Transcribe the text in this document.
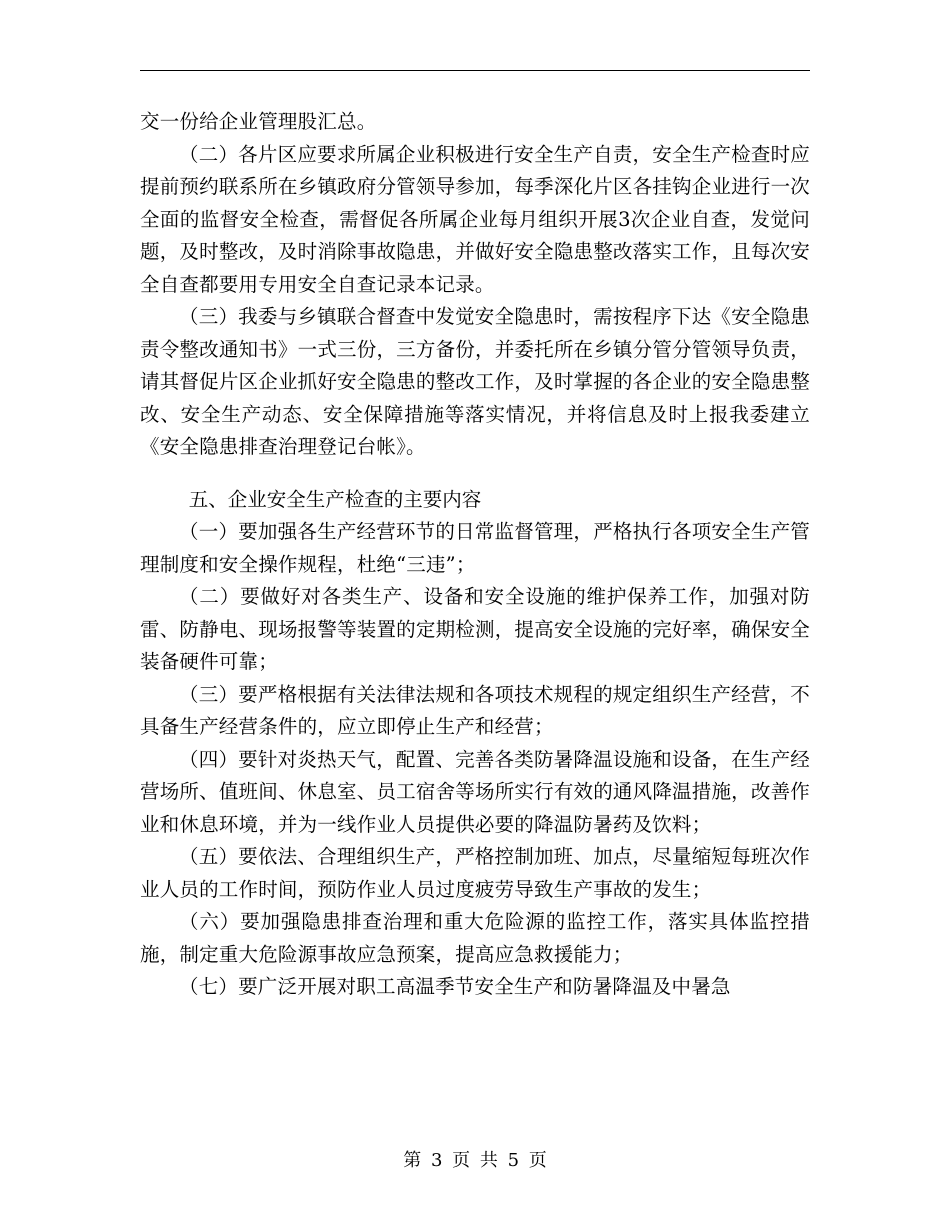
交一份给企业管理股汇总。

（二）各片区应要求所属企业积极进行安全生产自责，安全生产检查时应提前预约联系所在乡镇政府分管领导参加，每季深化片区各挂钩企业进行一次全面的监督安全检查，需督促各所属企业每月组织开展3次企业自查，发觉问题，及时整改，及时消除事故隐患，并做好安全隐患整改落实工作，且每次安全自查都要用专用安全自查记录本记录。

（三）我委与乡镇联合督查中发觉安全隐患时，需按程序下达《安全隐患责令整改通知书》一式三份，三方备份，并委托所在乡镇分管分管领导负责，请其督促片区企业抓好安全隐患的整改工作，及时掌握的各企业的安全隐患整改、安全生产动态、安全保障措施等落实情况，并将信息及时上报我委建立《安全隐患排查治理登记台帐》。

五、企业安全生产检查的主要内容

（一）要加强各生产经营环节的日常监督管理，严格执行各项安全生产管理制度和安全操作规程，杜绝“三违”；

（二）要做好对各类生产、设备和安全设施的维护保养工作，加强对防雷、防静电、现场报警等装置的定期检测，提高安全设施的完好率，确保安全装备硬件可靠；

（三）要严格根据有关法律法规和各项技术规程的规定组织生产经营，不具备生产经营条件的，应立即停止生产和经营；

（四）要针对炎热天气，配置、完善各类防暑降温设施和设备，在生产经营场所、值班间、休息室、员工宿舍等场所实行有效的通风降温措施，改善作业和休息环境，并为一线作业人员提供必要的降温防暑药及饮料；

（五）要依法、合理组织生产，严格控制加班、加点，尽量缩短每班次作业人员的工作时间，预防作业人员过度疲劳导致生产事故的发生；

（六）要加强隐患排查治理和重大危险源的监控工作，落实具体监控措施，制定重大危险源事故应急预案，提高应急救援能力；

（七）要广泛开展对职工高温季节安全生产和防暑降温及中暑急

第 3 页 共 5 页
